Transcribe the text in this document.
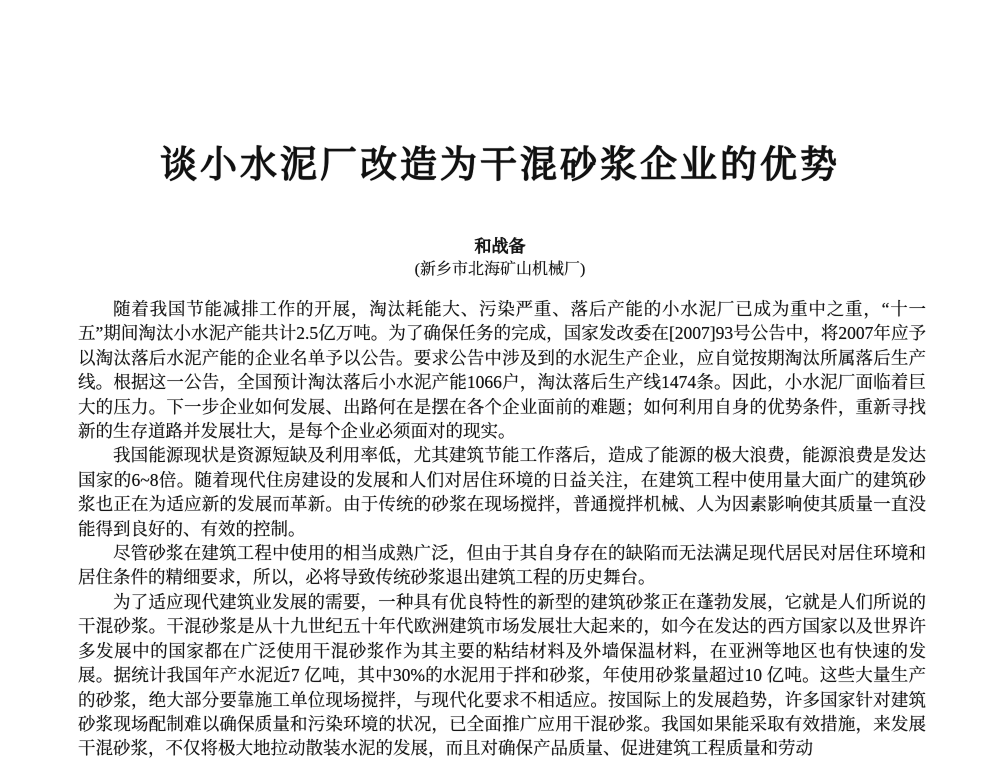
谈小水泥厂改造为干混砂浆企业的优势
和战备
(新乡市北海矿山机械厂)

随着我国节能减排工作的开展，淘汰耗能大、污染严重、落后产能的小水泥厂已成为重中之重，“十一五”期间淘汰小水泥产能共计2.5亿万吨。为了确保任务的完成，国家发改委在[2007]93号公告中，将2007年应予以淘汰落后水泥产能的企业名单予以公告。要求公告中涉及到的水泥生产企业，应自觉按期淘汰所属落后生产线。根据这一公告，全国预计淘汰落后小水泥产能1066户，淘汰落后生产线1474条。因此，小水泥厂面临着巨大的压力。下一步企业如何发展、出路何在是摆在各个企业面前的难题；如何利用自身的优势条件，重新寻找新的生存道路并发展壮大，是每个企业必须面对的现实。

我国能源现状是资源短缺及利用率低，尤其建筑节能工作落后，造成了能源的极大浪费，能源浪费是发达国家的6~8倍。随着现代住房建设的发展和人们对居住环境的日益关注，在建筑工程中使用量大面广的建筑砂浆也正在为适应新的发展而革新。由于传统的砂浆在现场搅拌，普通搅拌机械、人为因素影响使其质量一直没能得到良好的、有效的控制。

尽管砂浆在建筑工程中使用的相当成熟广泛，但由于其自身存在的缺陷而无法满足现代居民对居住环境和居住条件的精细要求，所以，必将导致传统砂浆退出建筑工程的历史舞台。

为了适应现代建筑业发展的需要，一种具有优良特性的新型的建筑砂浆正在蓬勃发展，它就是人们所说的干混砂浆。干混砂浆是从十九世纪五十年代欧洲建筑市场发展壮大起来的，如今在发达的西方国家以及世界许多发展中的国家都在广泛使用干混砂浆作为其主要的粘结材料及外墙保温材料，在亚洲等地区也有快速的发展。据统计我国年产水泥近7 亿吨，其中30%的水泥用于拌和砂浆，年使用砂浆量超过10 亿吨。这些大量生产的砂浆，绝大部分要靠施工单位现场搅拌，与现代化要求不相适应。按国际上的发展趋势，许多国家针对建筑砂浆现场配制难以确保质量和污染环境的状况，已全面推广应用干混砂浆。我国如果能采取有效措施，来发展干混砂浆，不仅将极大地拉动散装水泥的发展，而且对确保产品质量、促进建筑工程质量和劳动
